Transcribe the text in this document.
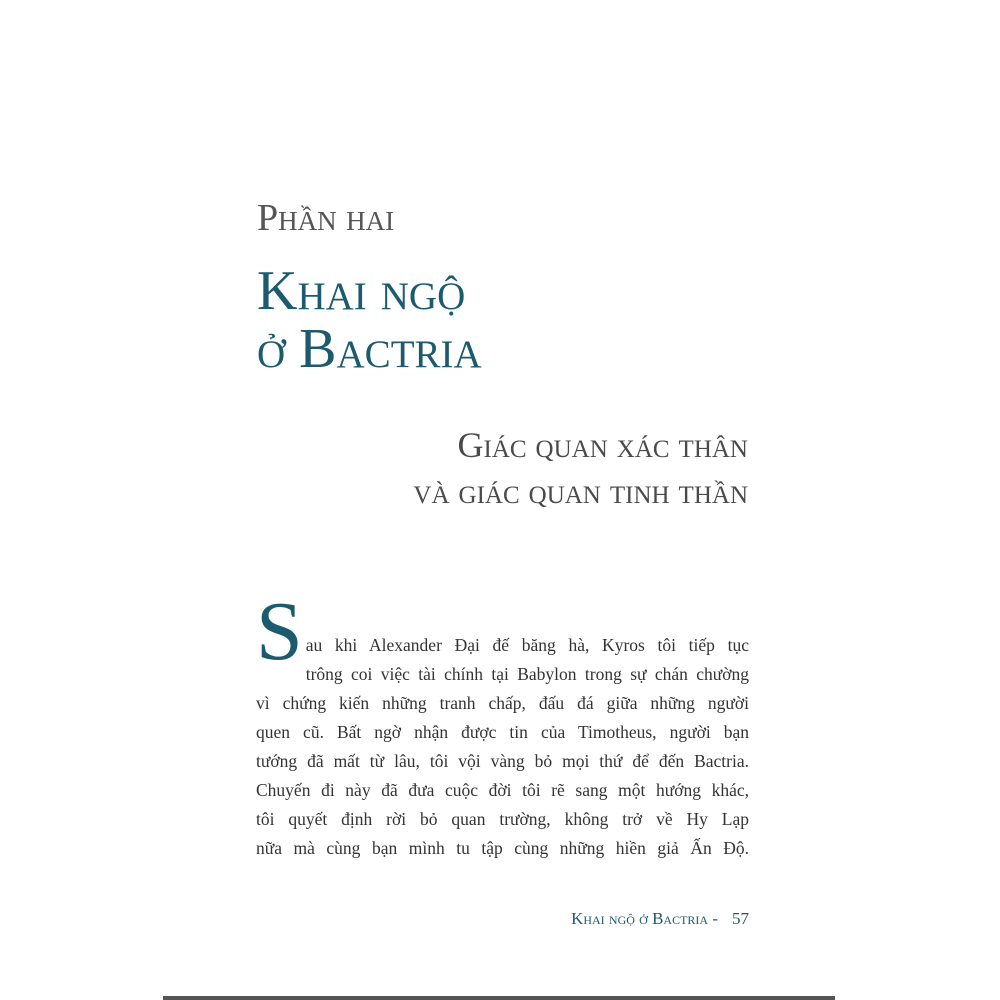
Phần hai
Khai ngộ
ở Bactria
Giác quan xác thân
và giác quan tinh thần
S au khi Alexander Đại đế băng hà, Kyros tôi tiếp tục
trông coi việc tài chính tại Babylon trong sự chán chường
vì chứng kiến những tranh chấp, đấu đá giữa những người
quen cũ. Bất ngờ nhận được tin của Timotheus, người bạn
tướng đã mất từ lâu, tôi vội vàng bỏ mọi thứ để đến Bactria.
Chuyến đi này đã đưa cuộc đời tôi rẽ sang một hướng khác,
tôi quyết định rời bỏ quan trường, không trở về Hy Lạp
nữa mà cùng bạn mình tu tập cùng những hiền giả Ấn Độ.
Khai ngộ ở Bactria - 57
